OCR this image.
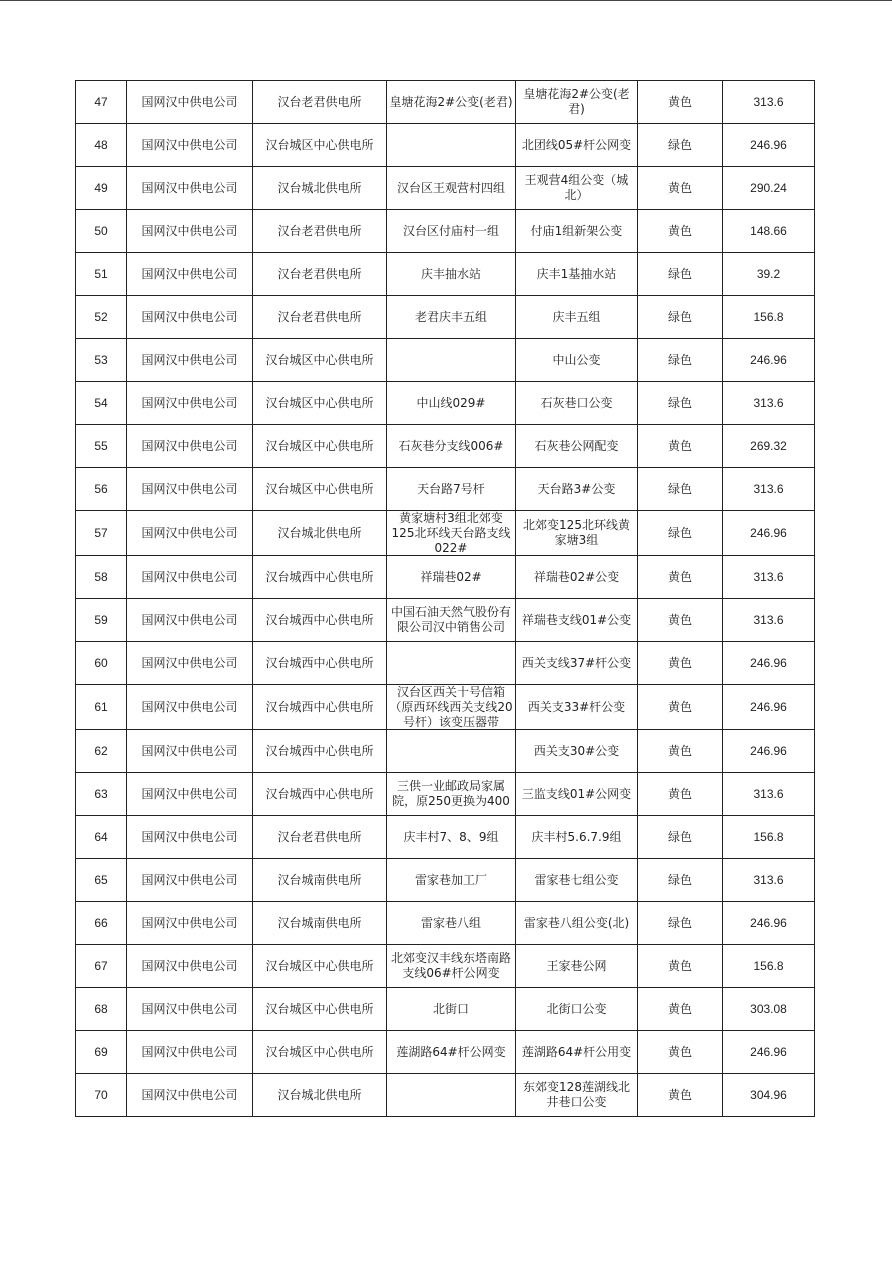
47	国网汉中供电公司	汉台老君供电所	皇塘花海2#公变(老君)	皇塘花海2#公变(老君)	黄色	313.6

48	国网汉中供电公司	汉台城区中心供电所		北团线05#杆公网变	绿色	246.96

49	国网汉中供电公司	汉台城北供电所	汉台区王观营村四组	王观营4组公变（城北）	黄色	290.24

50	国网汉中供电公司	汉台老君供电所	汉台区付庙村一组	付庙1组新架公变	黄色	148.66

51	国网汉中供电公司	汉台老君供电所	庆丰抽水站	庆丰1基抽水站	绿色	39.2

52	国网汉中供电公司	汉台老君供电所	老君庆丰五组	庆丰五组	绿色	156.8

53	国网汉中供电公司	汉台城区中心供电所		中山公变	绿色	246.96

54	国网汉中供电公司	汉台城区中心供电所	中山线029#	石灰巷口公变	绿色	313.6

55	国网汉中供电公司	汉台城区中心供电所	石灰巷分支线006#	石灰巷公网配变	黄色	269.32

56	国网汉中供电公司	汉台城区中心供电所	天台路7号杆	天台路3#公变	绿色	313.6

57	国网汉中供电公司	汉台城北供电所	黄家塘村3组北郊变125北环线天台路支线022#	北郊变125北环线黄家塘3组	绿色	246.96

58	国网汉中供电公司	汉台城西中心供电所	祥瑞巷02#	祥瑞巷02#公变	黄色	313.6

59	国网汉中供电公司	汉台城西中心供电所	中国石油天然气股份有限公司汉中销售公司	祥瑞巷支线01#公变	黄色	313.6

60	国网汉中供电公司	汉台城西中心供电所		西关支线37#杆公变	黄色	246.96

61	国网汉中供电公司	汉台城西中心供电所	汉台区西关十号信箱（原西环线西关支线20号杆）该变压器带	西关支33#杆公变	黄色	246.96

62	国网汉中供电公司	汉台城西中心供电所		西关支30#公变	黄色	246.96

63	国网汉中供电公司	汉台城西中心供电所	三供一业邮政局家属院，原250更换为400	三监支线01#公网变	黄色	313.6

64	国网汉中供电公司	汉台老君供电所	庆丰村7、8、9组	庆丰村5.6.7.9组	绿色	156.8

65	国网汉中供电公司	汉台城南供电所	雷家巷加工厂	雷家巷七组公变	绿色	313.6

66	国网汉中供电公司	汉台城南供电所	雷家巷八组	雷家巷八组公变(北)	绿色	246.96

67	国网汉中供电公司	汉台城区中心供电所	北郊变汉丰线东塔南路支线06#杆公网变	王家巷公网	黄色	156.8

68	国网汉中供电公司	汉台城区中心供电所	北街口	北街口公变	黄色	303.08

69	国网汉中供电公司	汉台城区中心供电所	莲湖路64#杆公网变	莲湖路64#杆公用变	黄色	246.96

70	国网汉中供电公司	汉台城北供电所		东郊变128莲湖线北井巷口公变	黄色	304.96
